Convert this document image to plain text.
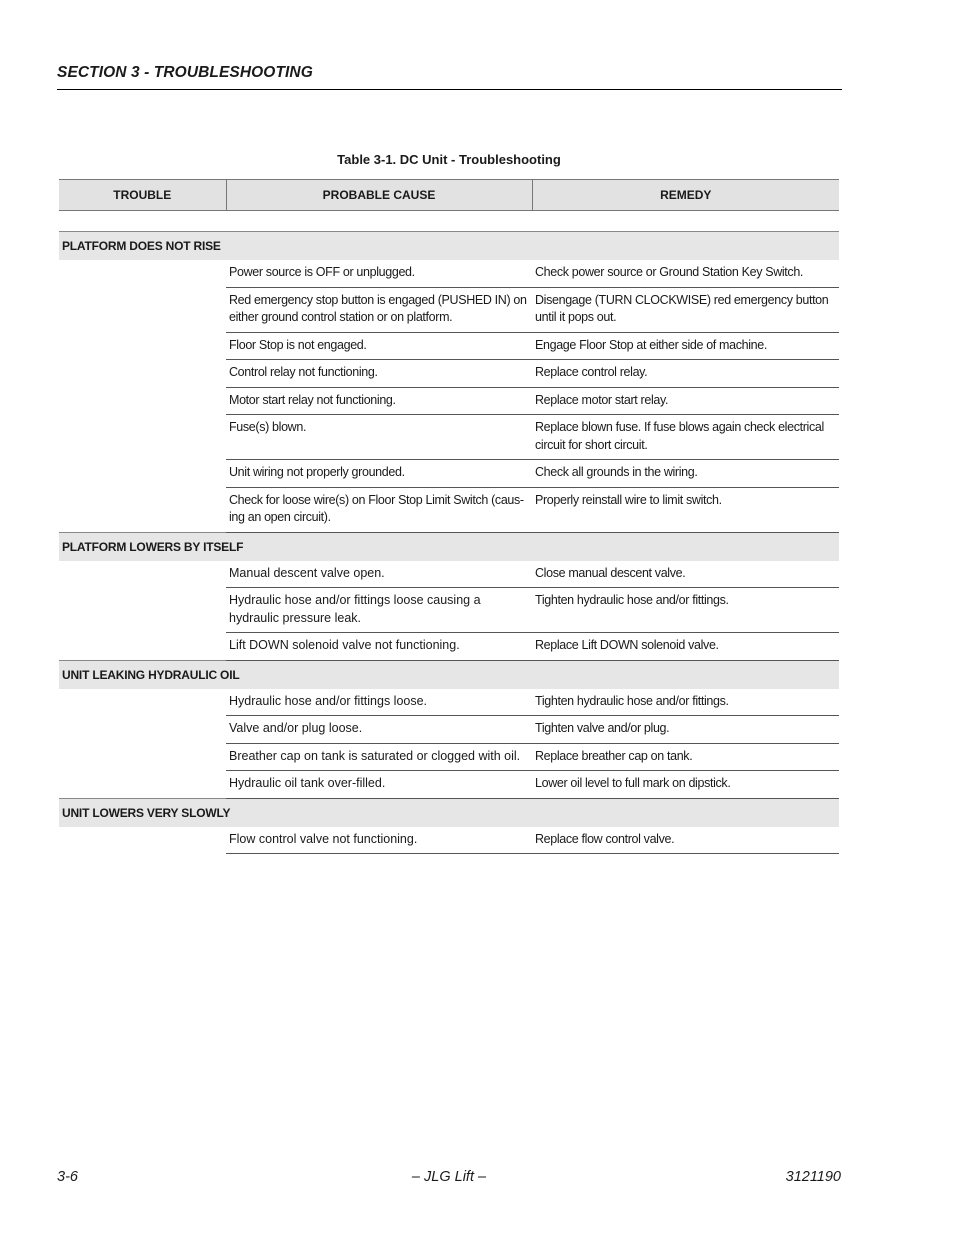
SECTION 3 - TROUBLESHOOTING
Table 3-1. DC Unit - Troubleshooting
TROUBLE	PROBABLE CAUSE	REMEDY

PLATFORM DOES NOT RISE		
	Power source is OFF or unplugged.	Check power source or Ground Station Key Switch.
	Red emergency stop button is engaged (PUSHED IN) on either ground control station or on platform.	Disengage (TURN CLOCKWISE) red emergency button until it pops out.
	Floor Stop is not engaged.	Engage Floor Stop at either side of machine.
	Control relay not functioning.	Replace control relay.
	Motor start relay not functioning.	Replace motor start relay.
	Fuse(s) blown.	Replace blown fuse. If fuse blows again check electrical circuit for short circuit.
	Unit wiring not properly grounded.	Check all grounds in the wiring.
	Check for loose wire(s) on Floor Stop Limit Switch (caus-ing an open circuit).	Properly reinstall wire to limit switch.
PLATFORM LOWERS BY ITSELF		
	Manual descent valve open.	Close manual descent valve.
	Hydraulic hose and/or fittings loose causing a hydraulic pressure leak.	Tighten hydraulic hose and/or fittings.
	Lift DOWN solenoid valve not functioning.	Replace Lift DOWN solenoid valve.
UNIT LEAKING HYDRAULIC OIL		
	Hydraulic hose and/or fittings loose.	Tighten hydraulic hose and/or fittings.
	Valve and/or plug loose.	Tighten valve and/or plug.
	Breather cap on tank is saturated or clogged with oil.	Replace breather cap on tank.
	Hydraulic oil tank over-filled.	Lower oil level to full mark on dipstick.
UNIT LOWERS VERY SLOWLY		
	Flow control valve not functioning.	Replace flow control valve.
3-6	– JLG Lift –	3121190
